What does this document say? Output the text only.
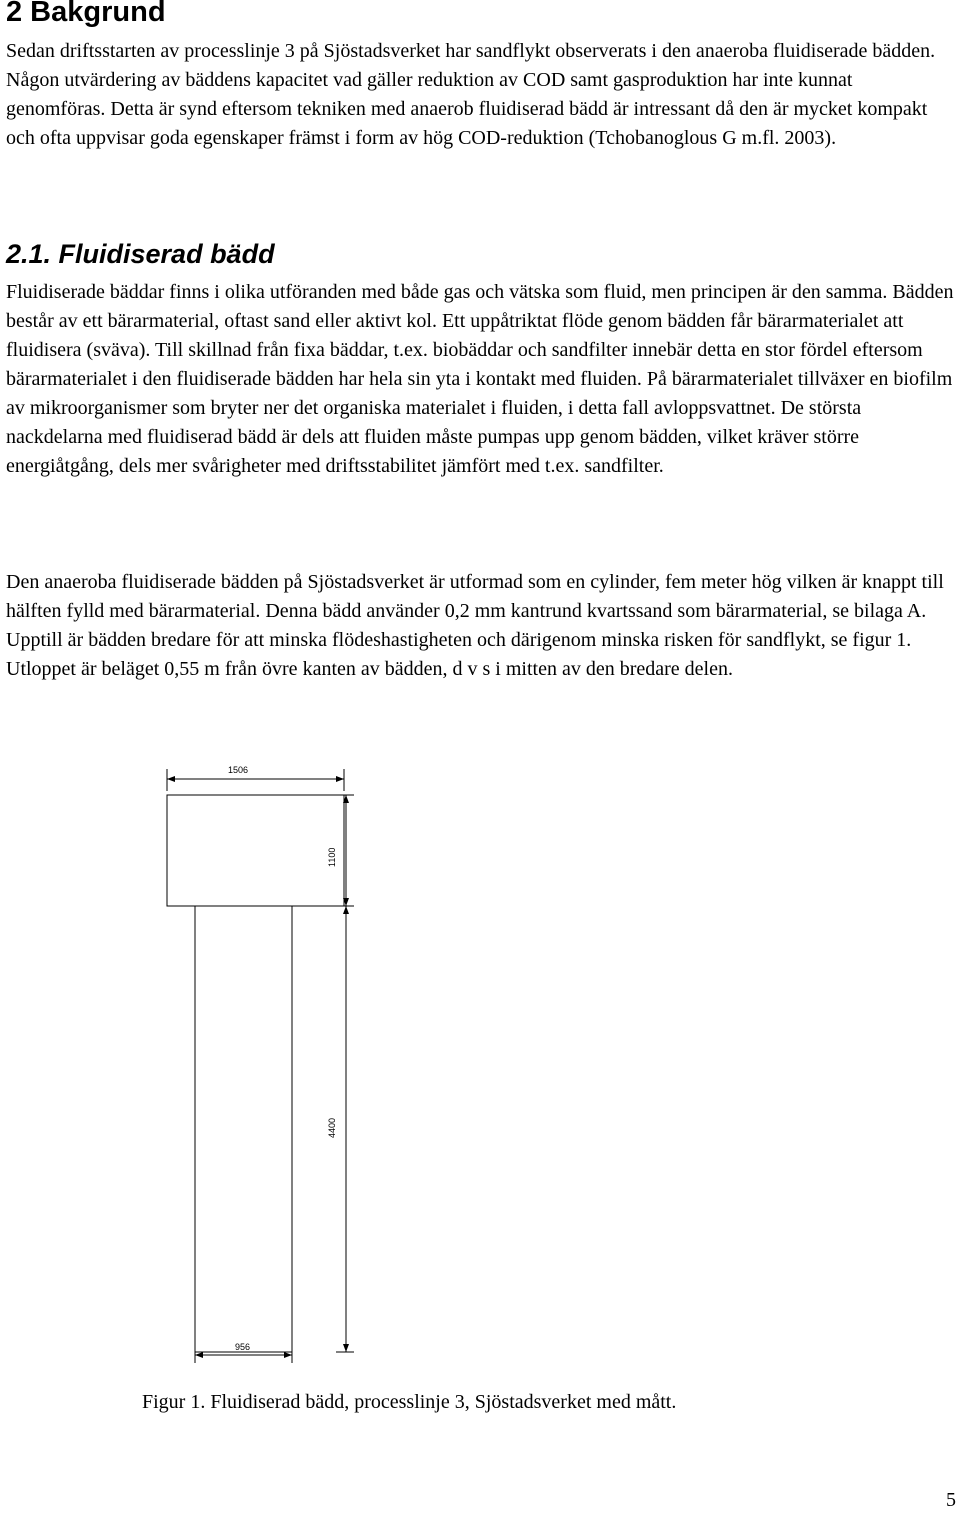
2 Bakgrund

Sedan driftsstarten av processlinje 3 på Sjöstadsverket har sandflykt observerats i den anaeroba fluidiserade bädden. Någon utvärdering av bäddens kapacitet vad gäller reduktion av COD samt gasproduktion har inte kunnat genomföras. Detta är synd eftersom tekniken med anaerob fluidiserad bädd är intressant då den är mycket kompakt och ofta uppvisar goda egenskaper främst i form av hög COD-reduktion (Tchobanoglous G m.fl. 2003).

2.1. Fluidiserad bädd

Fluidiserade bäddar finns i olika utföranden med både gas och vätska som fluid, men principen är den samma. Bädden består av ett bärarmaterial, oftast sand eller aktivt kol. Ett uppåtriktat flöde genom bädden får bärarmaterialet att fluidisera (sväva). Till skillnad från fixa bäddar, t.ex. biobäddar och sandfilter innebär detta en stor fördel eftersom bärarmaterialet i den fluidiserade bädden har hela sin yta i kontakt med fluiden. På bärarmaterialet tillväxer en biofilm av mikroorganismer som bryter ner det organiska materialet i fluiden, i detta fall avloppsvattnet. De största nackdelarna med fluidiserad bädd är dels att fluiden måste pumpas upp genom bädden, vilket kräver större energiåtgång, dels mer svårigheter med driftsstabilitet jämfört med t.ex. sandfilter.

Den anaeroba fluidiserade bädden på Sjöstadsverket är utformad som en cylinder, fem meter hög vilken är knappt till hälften fylld med bärarmaterial. Denna bädd använder 0,2 mm kantrund kvartssand som bärarmaterial, se bilaga A. Upptill är bädden bredare för att minska flödeshastigheten och därigenom minska risken för sandflykt, se figur 1. Utloppet är beläget 0,55 m från övre kanten av bädden, d v s i mitten av den bredare delen.

1506
1100
4400
956

Figur 1. Fluidiserad bädd, processlinje 3, Sjöstadsverket med mått.

5
